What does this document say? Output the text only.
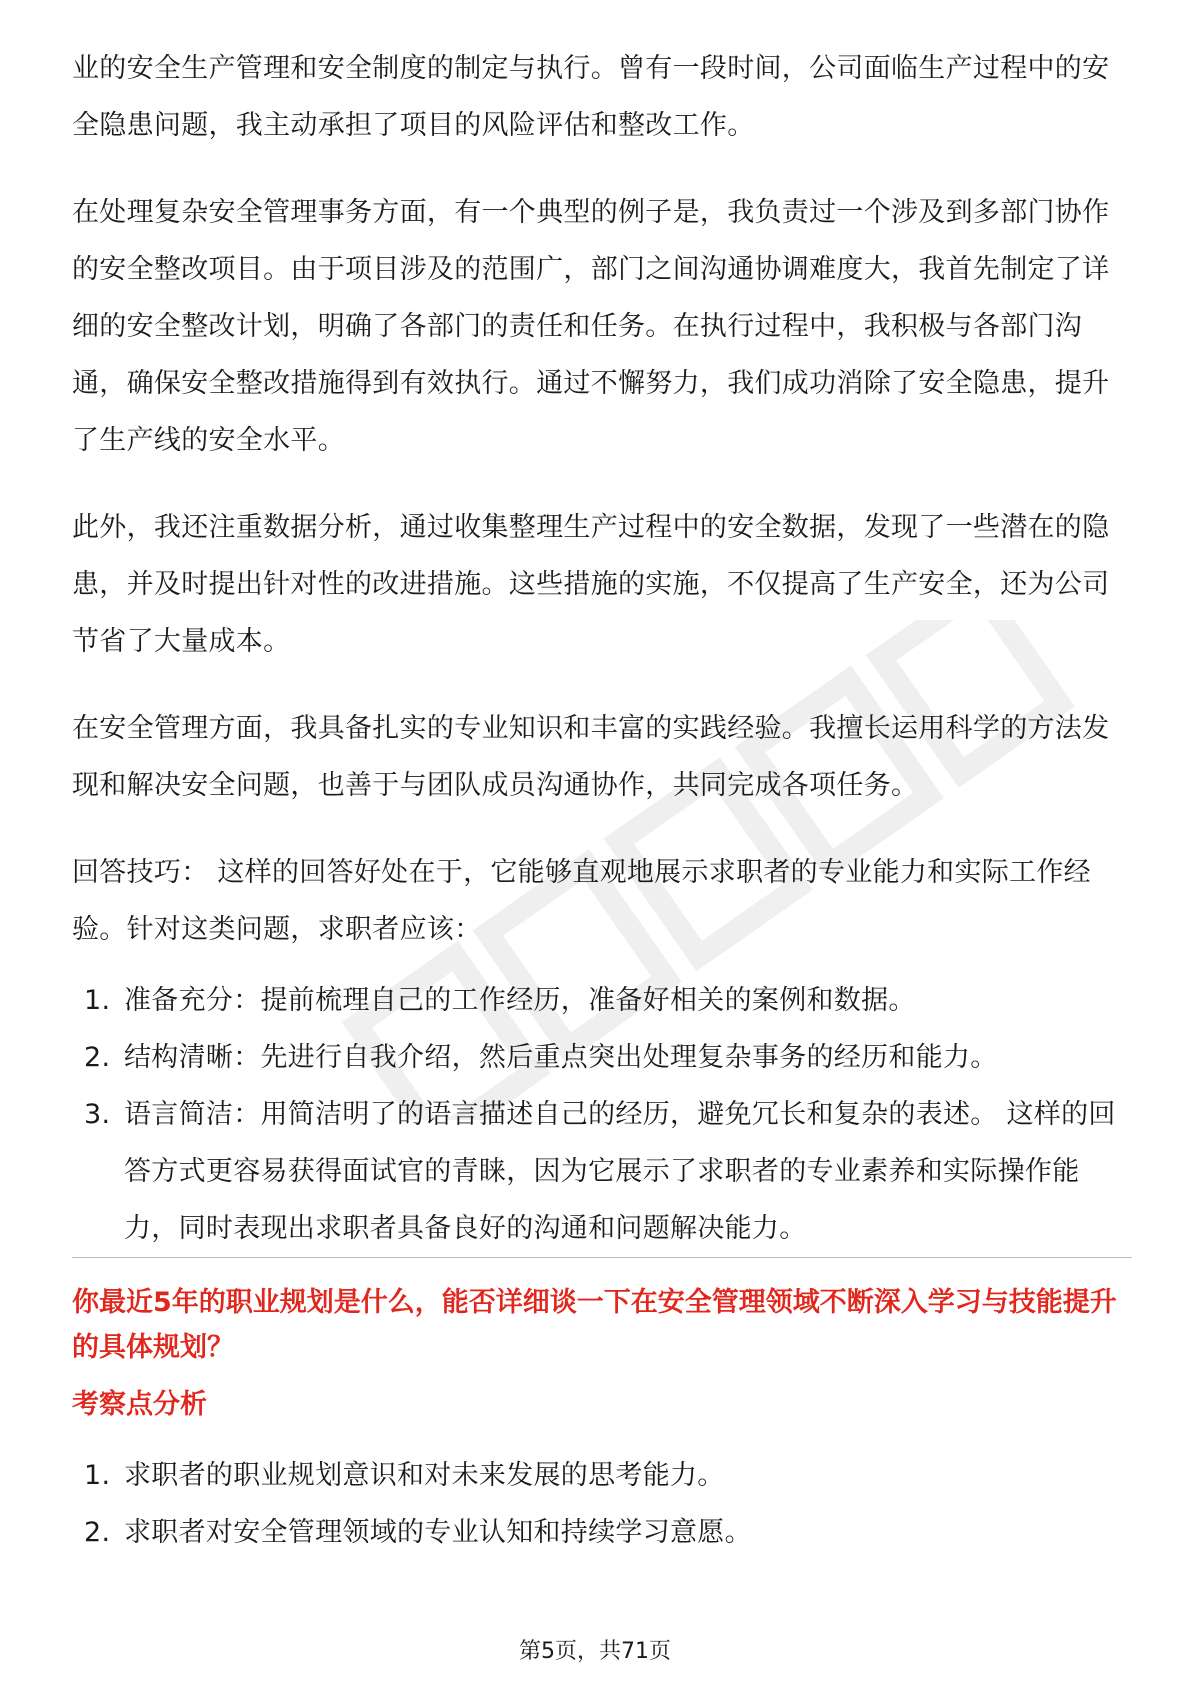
业的安全生产管理和安全制度的制定与执行。曾有一段时间，公司面临生产过程中的安全隐患问题，我主动承担了项目的风险评估和整改工作。

在处理复杂安全管理事务方面，有一个典型的例子是，我负责过一个涉及到多部门协作的安全整改项目。由于项目涉及的范围广，部门之间沟通协调难度大，我首先制定了详细的安全整改计划，明确了各部门的责任和任务。在执行过程中，我积极与各部门沟通，确保安全整改措施得到有效执行。通过不懈努力，我们成功消除了安全隐患，提升了生产线的安全水平。

此外，我还注重数据分析，通过收集整理生产过程中的安全数据，发现了一些潜在的隐患，并及时提出针对性的改进措施。这些措施的实施，不仅提高了生产安全，还为公司节省了大量成本。

在安全管理方面，我具备扎实的专业知识和丰富的实践经验。我擅长运用科学的方法发现和解决安全问题，也善于与团队成员沟通协作，共同完成各项任务。

回答技巧： 这样的回答好处在于，它能够直观地展示求职者的专业能力和实际工作经验。针对这类问题，求职者应该：

1. 准备充分：提前梳理自己的工作经历，准备好相关的案例和数据。
2. 结构清晰：先进行自我介绍，然后重点突出处理复杂事务的经历和能力。
3. 语言简洁：用简洁明了的语言描述自己的经历，避免冗长和复杂的表述。 这样的回答方式更容易获得面试官的青睐，因为它展示了求职者的专业素养和实际操作能力，同时表现出求职者具备良好的沟通和问题解决能力。

你最近5年的职业规划是什么，能否详细谈一下在安全管理领域不断深入学习与技能提升的具体规划？

考察点分析

1. 求职者的职业规划意识和对未来发展的思考能力。
2. 求职者对安全管理领域的专业认知和持续学习意愿。
第5页，共71页
